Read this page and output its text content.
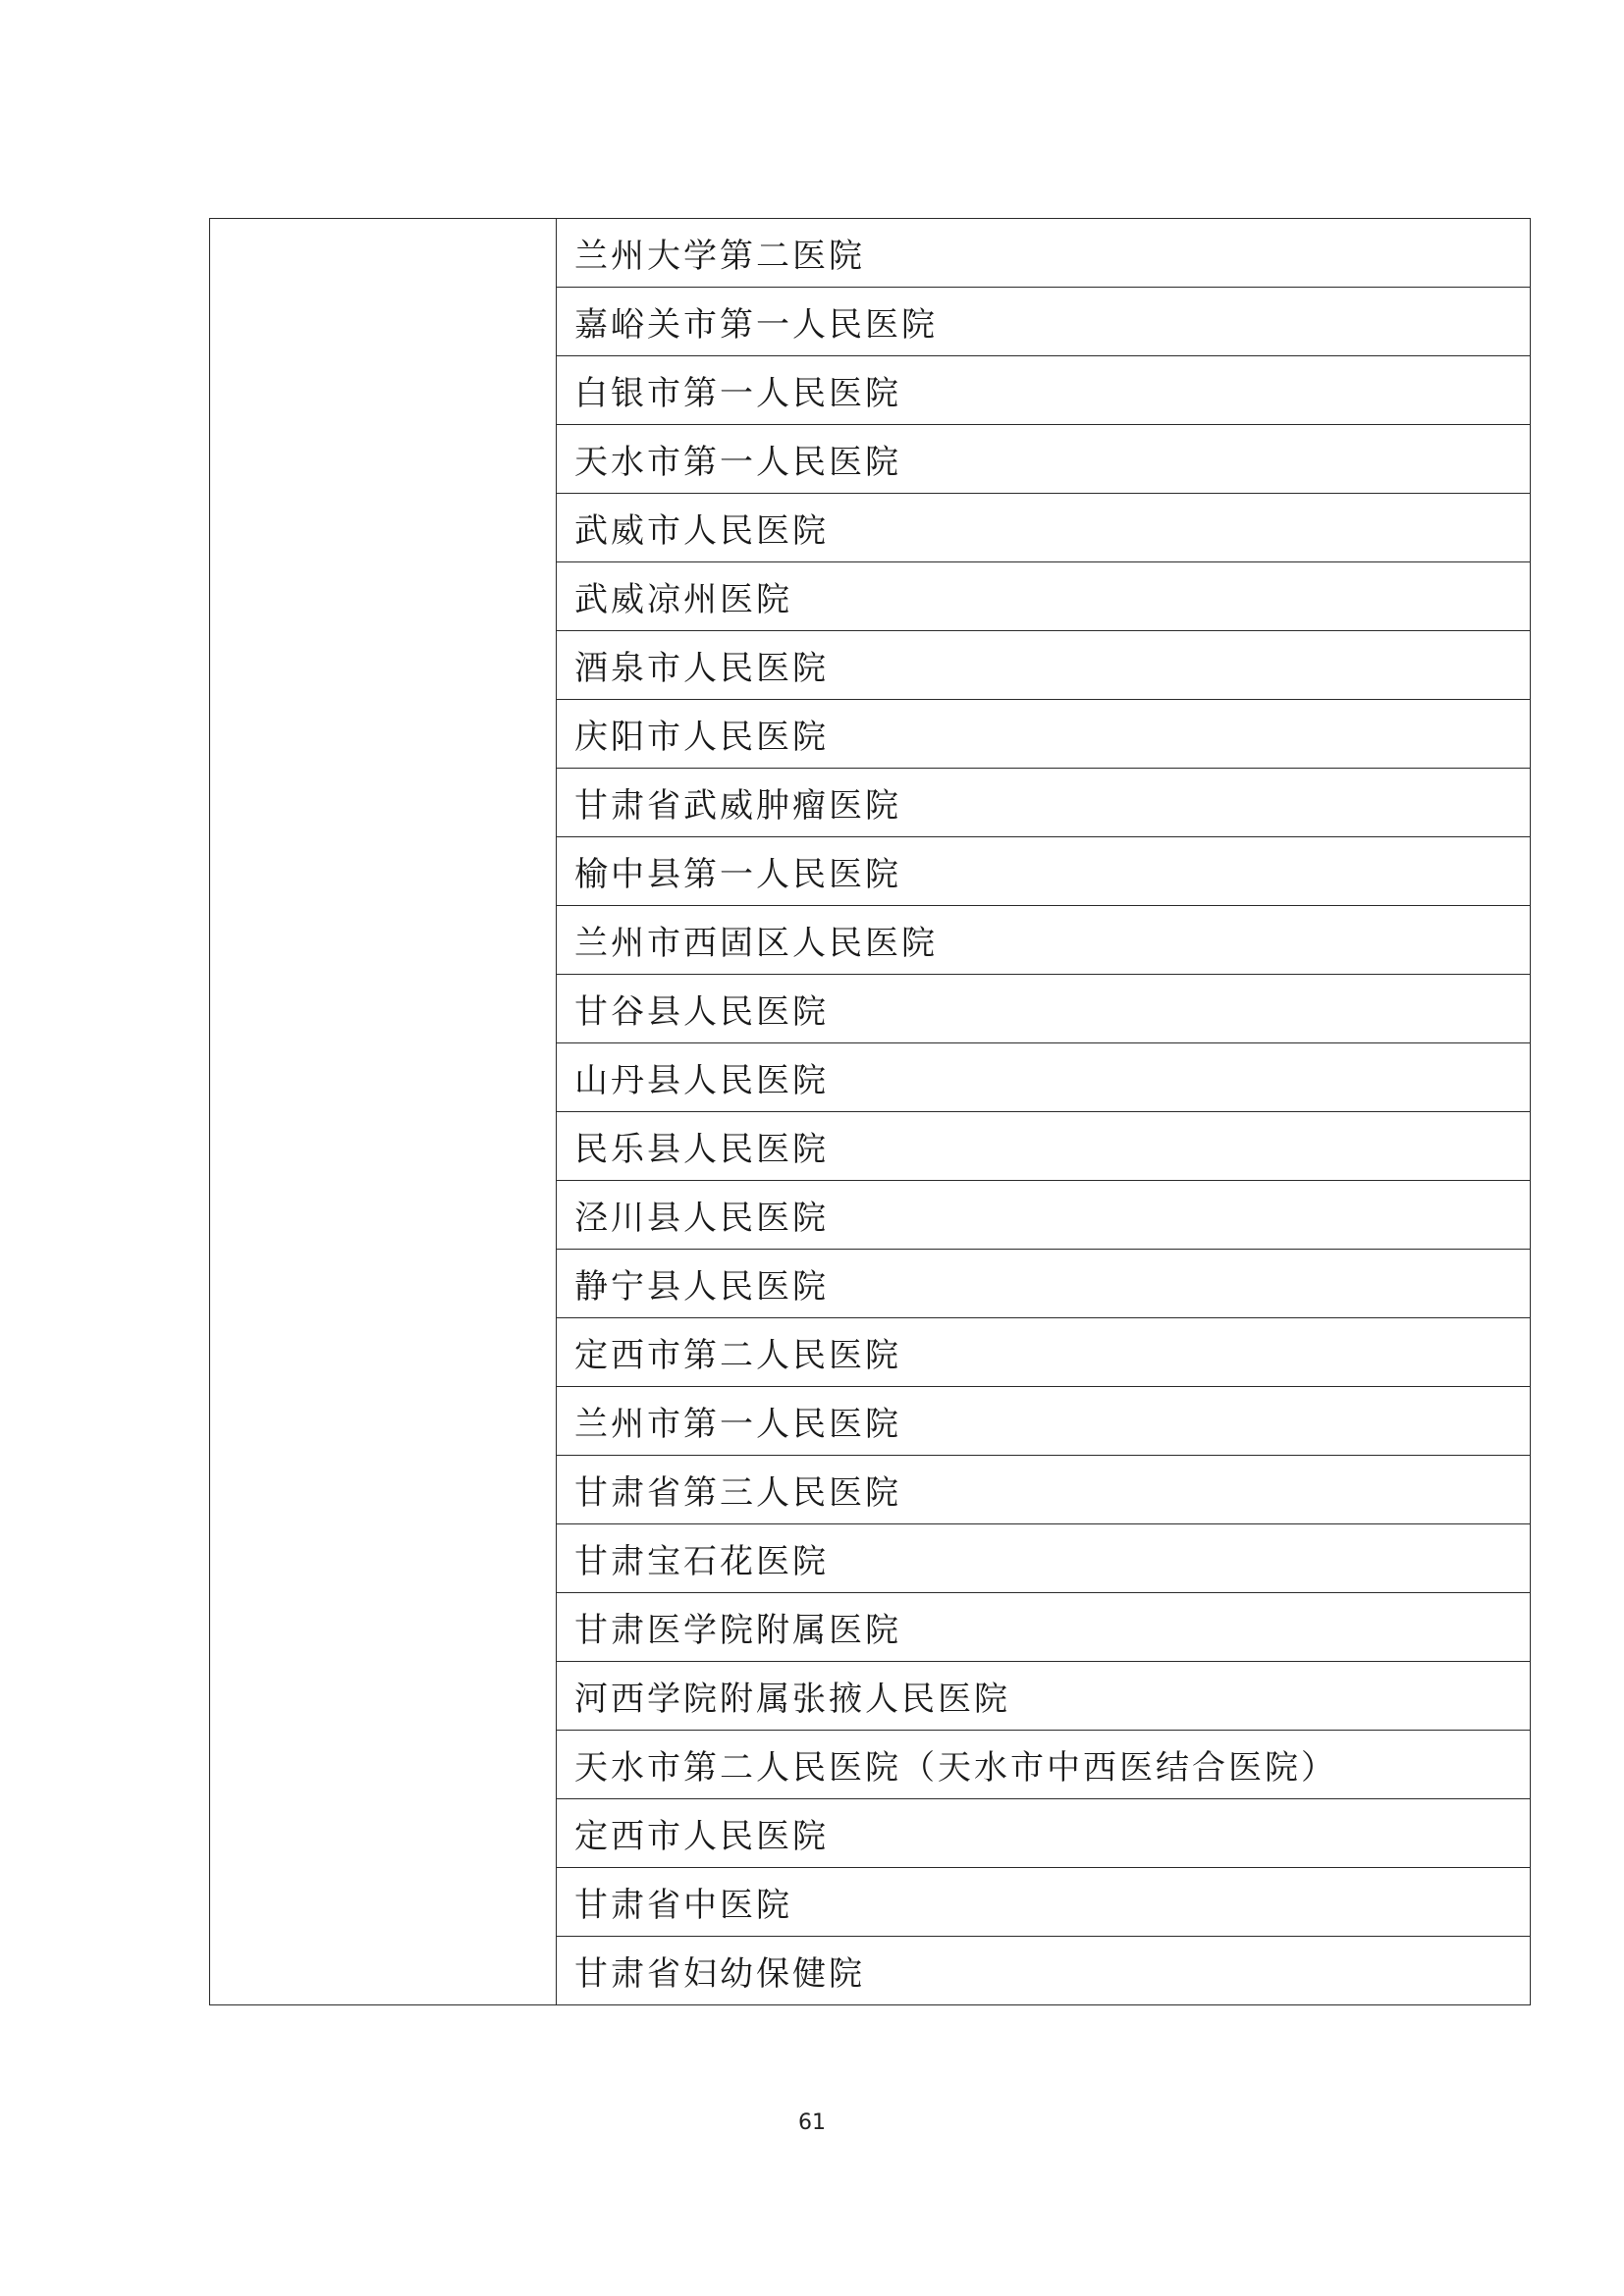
	兰州大学第二医院
嘉峪关市第一人民医院
白银市第一人民医院
天水市第一人民医院
武威市人民医院
武威凉州医院
酒泉市人民医院
庆阳市人民医院
甘肃省武威肿瘤医院
榆中县第一人民医院
兰州市西固区人民医院
甘谷县人民医院
山丹县人民医院
民乐县人民医院
泾川县人民医院
静宁县人民医院
定西市第二人民医院
兰州市第一人民医院
甘肃省第三人民医院
甘肃宝石花医院
甘肃医学院附属医院
河西学院附属张掖人民医院
天水市第二人民医院（天水市中西医结合医院）
定西市人民医院
甘肃省中医院
甘肃省妇幼保健院
61
